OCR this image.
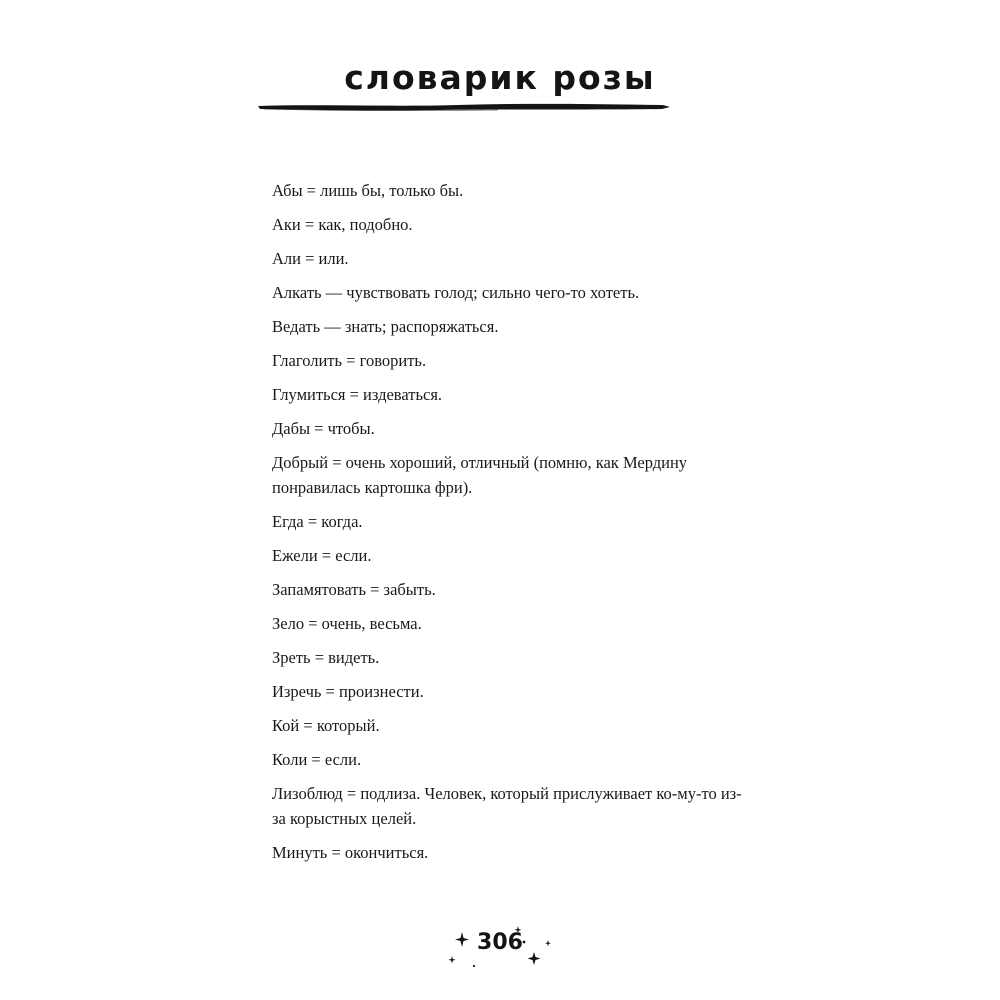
словарик розы
Абы = лишь бы, только бы.
Аки = как, подобно.
Али = или.
Алкать — чувствовать голод; сильно чего-то хотеть.
Ведать — знать; распоряжаться.
Глаголить = говорить.
Глумиться = издеваться.
Дабы = чтобы.
Добрый = очень хороший, отличный (помню, как Мердину понравилась картошка фри).
Егда = когда.
Ежели = если.
Запамятовать = забыть.
Зело = очень, весьма.
Зреть = видеть.
Изречь = произнести.
Кой = который.
Коли = если.
Лизоблюд = подлиза. Человек, который прислуживает ко-му-то из-за корыстных целей.
Минуть = окончиться.
306
